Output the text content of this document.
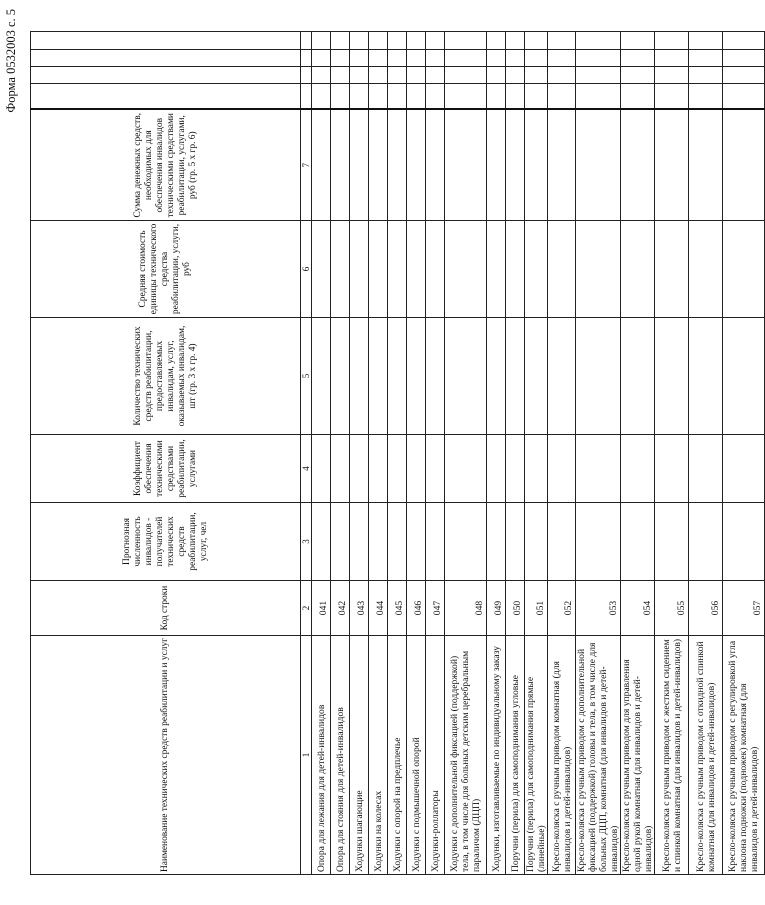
Форма 0532003 с. 5
Наименование технических средств реабилитации и услуг	Код строки	Прогнозная численность инвалидов - получателей технических средств реабилитации, услуг, чел	Коэффициент обеспечения техническими средствами реабилитации, услугами	Количество технических средств реабилитации, предоставляемых инвалидам, услуг, оказываемых инвалидам, шт (гр. 3 х гр. 4)	Средняя стоимость единицы технического средства реабилитации, услуги, руб	Сумма денежных средств, необходимых для обеспечения инвалидов техническими средствами реабилитации, услугами, руб (гр. 5 х гр. 6)				
1	2	3	4	5	6	7				
Опора для лежания для детей-инвалидов	041									
Опора для стояния для детей-инвалидов	042									
Ходунки шагающие	043									
Ходунки на колесах	044									
Ходунки с опорой на предплечье	045									
Ходунки с подмышечной опорой	046									
Ходунки-роллаторы	047									
Ходунки с дополнительной фиксацией (поддержкой) тела, в том числе для больных детским церебральным параличом (ДЦП)	048									
Ходунки, изготавливаемые по индивидуальному заказу	049									
Поручни (перила) для самоподнимания угловые	050									
Поручни (перила) для самоподнимания прямые (линейные)	051									
Кресло-коляска с ручным приводом комнатная (для инвалидов и детей-инвалидов)	052									
Кресло-коляска с ручным приводом с дополнительной фиксацией (поддержкой) головы и тела, в том числе для больных ДЦП, комнатная (для инвалидов и детей-инвалидов)	053									
Кресло-коляска с ручным приводом для управления одной рукой комнатная (для инвалидов и детей-инвалидов)	054									
Кресло-коляска с ручным приводом с жестким сидением и спинкой комнатная (для инвалидов и детей-инвалидов)	055									
Кресло-коляска с ручным приводом с откидной спинкой комнатная (для инвалидов и детей-инвалидов)	056									
Кресло-коляска с ручным приводом с регулировкой угла наклона подножки (подножек) комнатная (для инвалидов и детей-инвалидов)	057									
